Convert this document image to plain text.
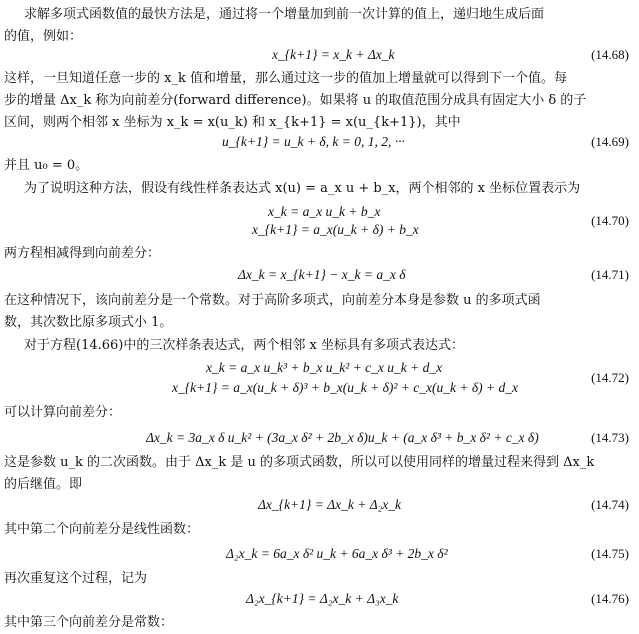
求解多项式函数值的最快方法是，通过将一个增量加到前一次计算的值上，递归地生成后面
的值，例如：
x_{k+1} = x_k + Δx_k	(14.68)
这样，一旦知道任意一步的 x_k 值和增量，那么通过这一步的值加上增量就可以得到下一个值。每
步的增量 Δx_k 称为向前差分(forward difference)。如果将 u 的取值范围分成具有固定大小 δ 的子
区间，则两个相邻 x 坐标为 x_k = x(u_k) 和 x_{k+1} = x(u_{k+1})，其中
u_{k+1} = u_k + δ, k = 0, 1, 2, ···	(14.69)
并且 u₀ = 0。
为了说明这种方法，假设有线性样条表达式 x(u) = a_x u + b_x，两个相邻的 x 坐标位置表示为
x_k = a_x u_k + b_x
x_{k+1} = a_x(u_k + δ) + b_x
(14.70)
两方程相减得到向前差分：
Δx_k = x_{k+1} − x_k = a_x δ	(14.71)
在这种情况下，该向前差分是一个常数。对于高阶多项式，向前差分本身是参数 u 的多项式函
数，其次数比原多项式小 1。
对于方程(14.66)中的三次样条表达式，两个相邻 x 坐标具有多项式表达式：
x_k = a_x u_k³ + b_x u_k² + c_x u_k + d_x
x_{k+1} = a_x(u_k + δ)³ + b_x(u_k + δ)² + c_x(u_k + δ) + d_x
(14.72)
可以计算向前差分：
Δx_k = 3a_x δ u_k² + (3a_x δ² + 2b_x δ)u_k + (a_x δ³ + b_x δ² + c_x δ)	(14.73)
这是参数 u_k 的二次函数。由于 Δx_k 是 u 的多项式函数，所以可以使用同样的增量过程来得到 Δx_k
的后继值。即
Δx_{k+1} = Δx_k + Δ₂x_k	(14.74)
其中第二个向前差分是线性函数：
Δ₂x_k = 6a_x δ² u_k + 6a_x δ³ + 2b_x δ²	(14.75)
再次重复这个过程，记为
Δ₂x_{k+1} = Δ₂x_k + Δ₃x_k	(14.76)
其中第三个向前差分是常数：
